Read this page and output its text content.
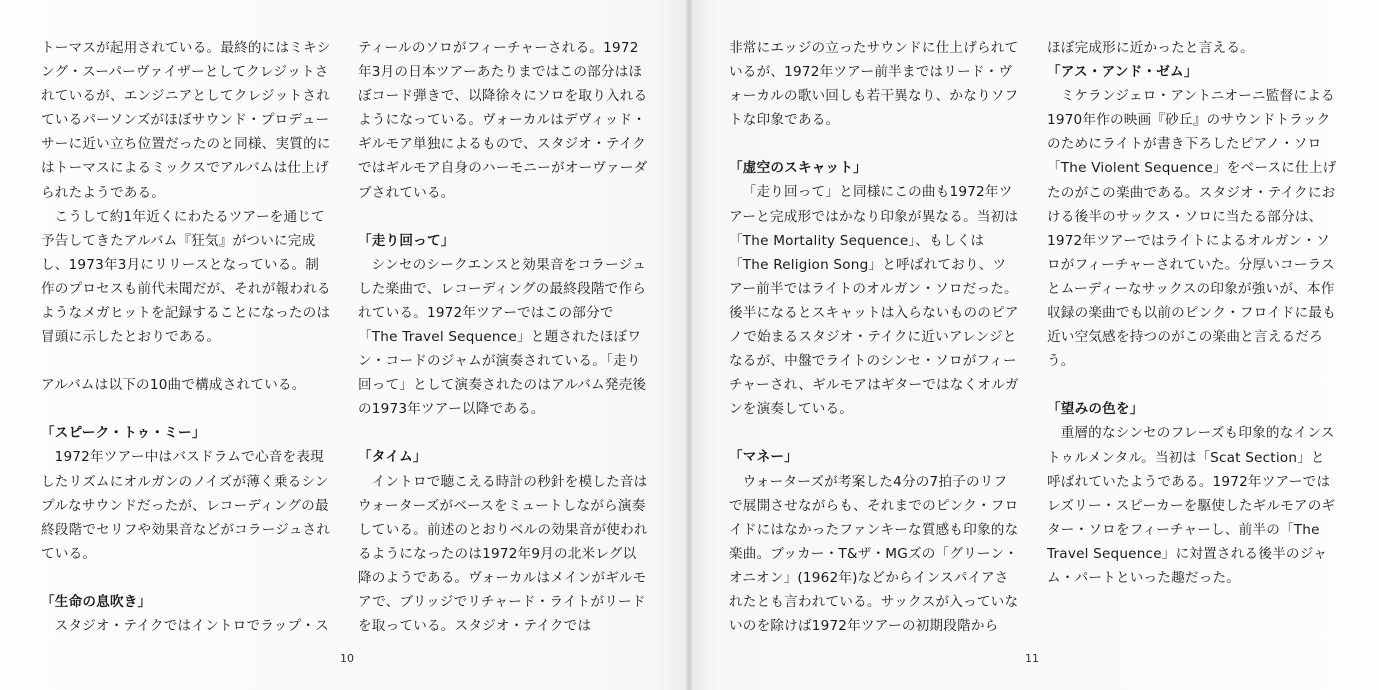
トーマスが起用されている。最終的にはミキシング・スーパーヴァイザーとしてクレジットされているが、エンジニアとしてクレジットされているパーソンズがほぼサウンド・プロデューサーに近い立ち位置だったのと同様、実質的にはトーマスによるミックスでアルバムは仕上げられたようである。

こうして約1年近くにわたるツアーを通じて予告してきたアルバム『狂気』がついに完成し、1973年3月にリリースとなっている。制作のプロセスも前代未聞だが、それが報われるようなメガヒットを記録することになったのは冒頭に示したとおりである。

アルバムは以下の10曲で構成されている。

「スピーク・トゥ・ミー」

1972年ツアー中はバスドラムで心音を表現したリズムにオルガンのノイズが薄く乗るシンプルなサウンドだったが、レコーディングの最終段階でセリフや効果音などがコラージュされている。

「生命の息吹き」

スタジオ・テイクではイントロでラップ・ス

ティールのソロがフィーチャーされる。1972年3月の日本ツアーあたりまではこの部分はほぼコード弾きで、以降徐々にソロを取り入れるようになっている。ヴォーカルはデヴィッド・ギルモア単独によるもので、スタジオ・テイクではギルモア自身のハーモニーがオーヴァーダブされている。

「走り回って」

シンセのシークエンスと効果音をコラージュした楽曲で、レコーディングの最終段階で作られている。1972年ツアーではこの部分で「The Travel Sequence」と題されたほぼワン・コードのジャムが演奏されている。「走り回って」として演奏されたのはアルバム発売後の1973年ツアー以降である。

「タイム」

イントロで聴こえる時計の秒針を模した音はウォーターズがベースをミュートしながら演奏している。前述のとおりベルの効果音が使われるようになったのは1972年9月の北米レグ以降のようである。ヴォーカルはメインがギルモアで、ブリッジでリチャード・ライトがリードを取っている。スタジオ・テイクでは

10

非常にエッジの立ったサウンドに仕上げられているが、1972年ツアー前半まではリード・ヴォーカルの歌い回しも若干異なり、かなりソフトな印象である。

「虚空のスキャット」

「走り回って」と同様にこの曲も1972年ツアーと完成形ではかなり印象が異なる。当初は「The Mortality Sequence」、もしくは「The Religion Song」と呼ばれており、ツアー前半ではライトのオルガン・ソロだった。後半になるとスキャットは入らないもののピアノで始まるスタジオ・テイクに近いアレンジとなるが、中盤でライトのシンセ・ソロがフィーチャーされ、ギルモアはギターではなくオルガンを演奏している。

「マネー」

ウォーターズが考案した4分の7拍子のリフで展開させながらも、それまでのピンク・フロイドにはなかったファンキーな質感も印象的な楽曲。ブッカー・T&ザ・MGズの「グリーン・オニオン」(1962年)などからインスパイアされたとも言われている。サックスが入っていないのを除けば1972年ツアーの初期段階から

ほぼ完成形に近かったと言える。

「アス・アンド・ゼム」

ミケランジェロ・アントニオーニ監督による1970年作の映画『砂丘』のサウンドトラックのためにライトが書き下ろしたピアノ・ソロ「The Violent Sequence」をベースに仕上げたのがこの楽曲である。スタジオ・テイクにおける後半のサックス・ソロに当たる部分は、1972年ツアーではライトによるオルガン・ソロがフィーチャーされていた。分厚いコーラスとムーディーなサックスの印象が強いが、本作収録の楽曲でも以前のピンク・フロイドに最も近い空気感を持つのがこの楽曲と言えるだろう。

「望みの色を」

重層的なシンセのフレーズも印象的なインストゥルメンタル。当初は「Scat Section」と呼ばれていたようである。1972年ツアーではレズリー・スピーカーを駆使したギルモアのギター・ソロをフィーチャーし、前半の「The Travel Sequence」に対置される後半のジャム・パートといった趣だった。

11
